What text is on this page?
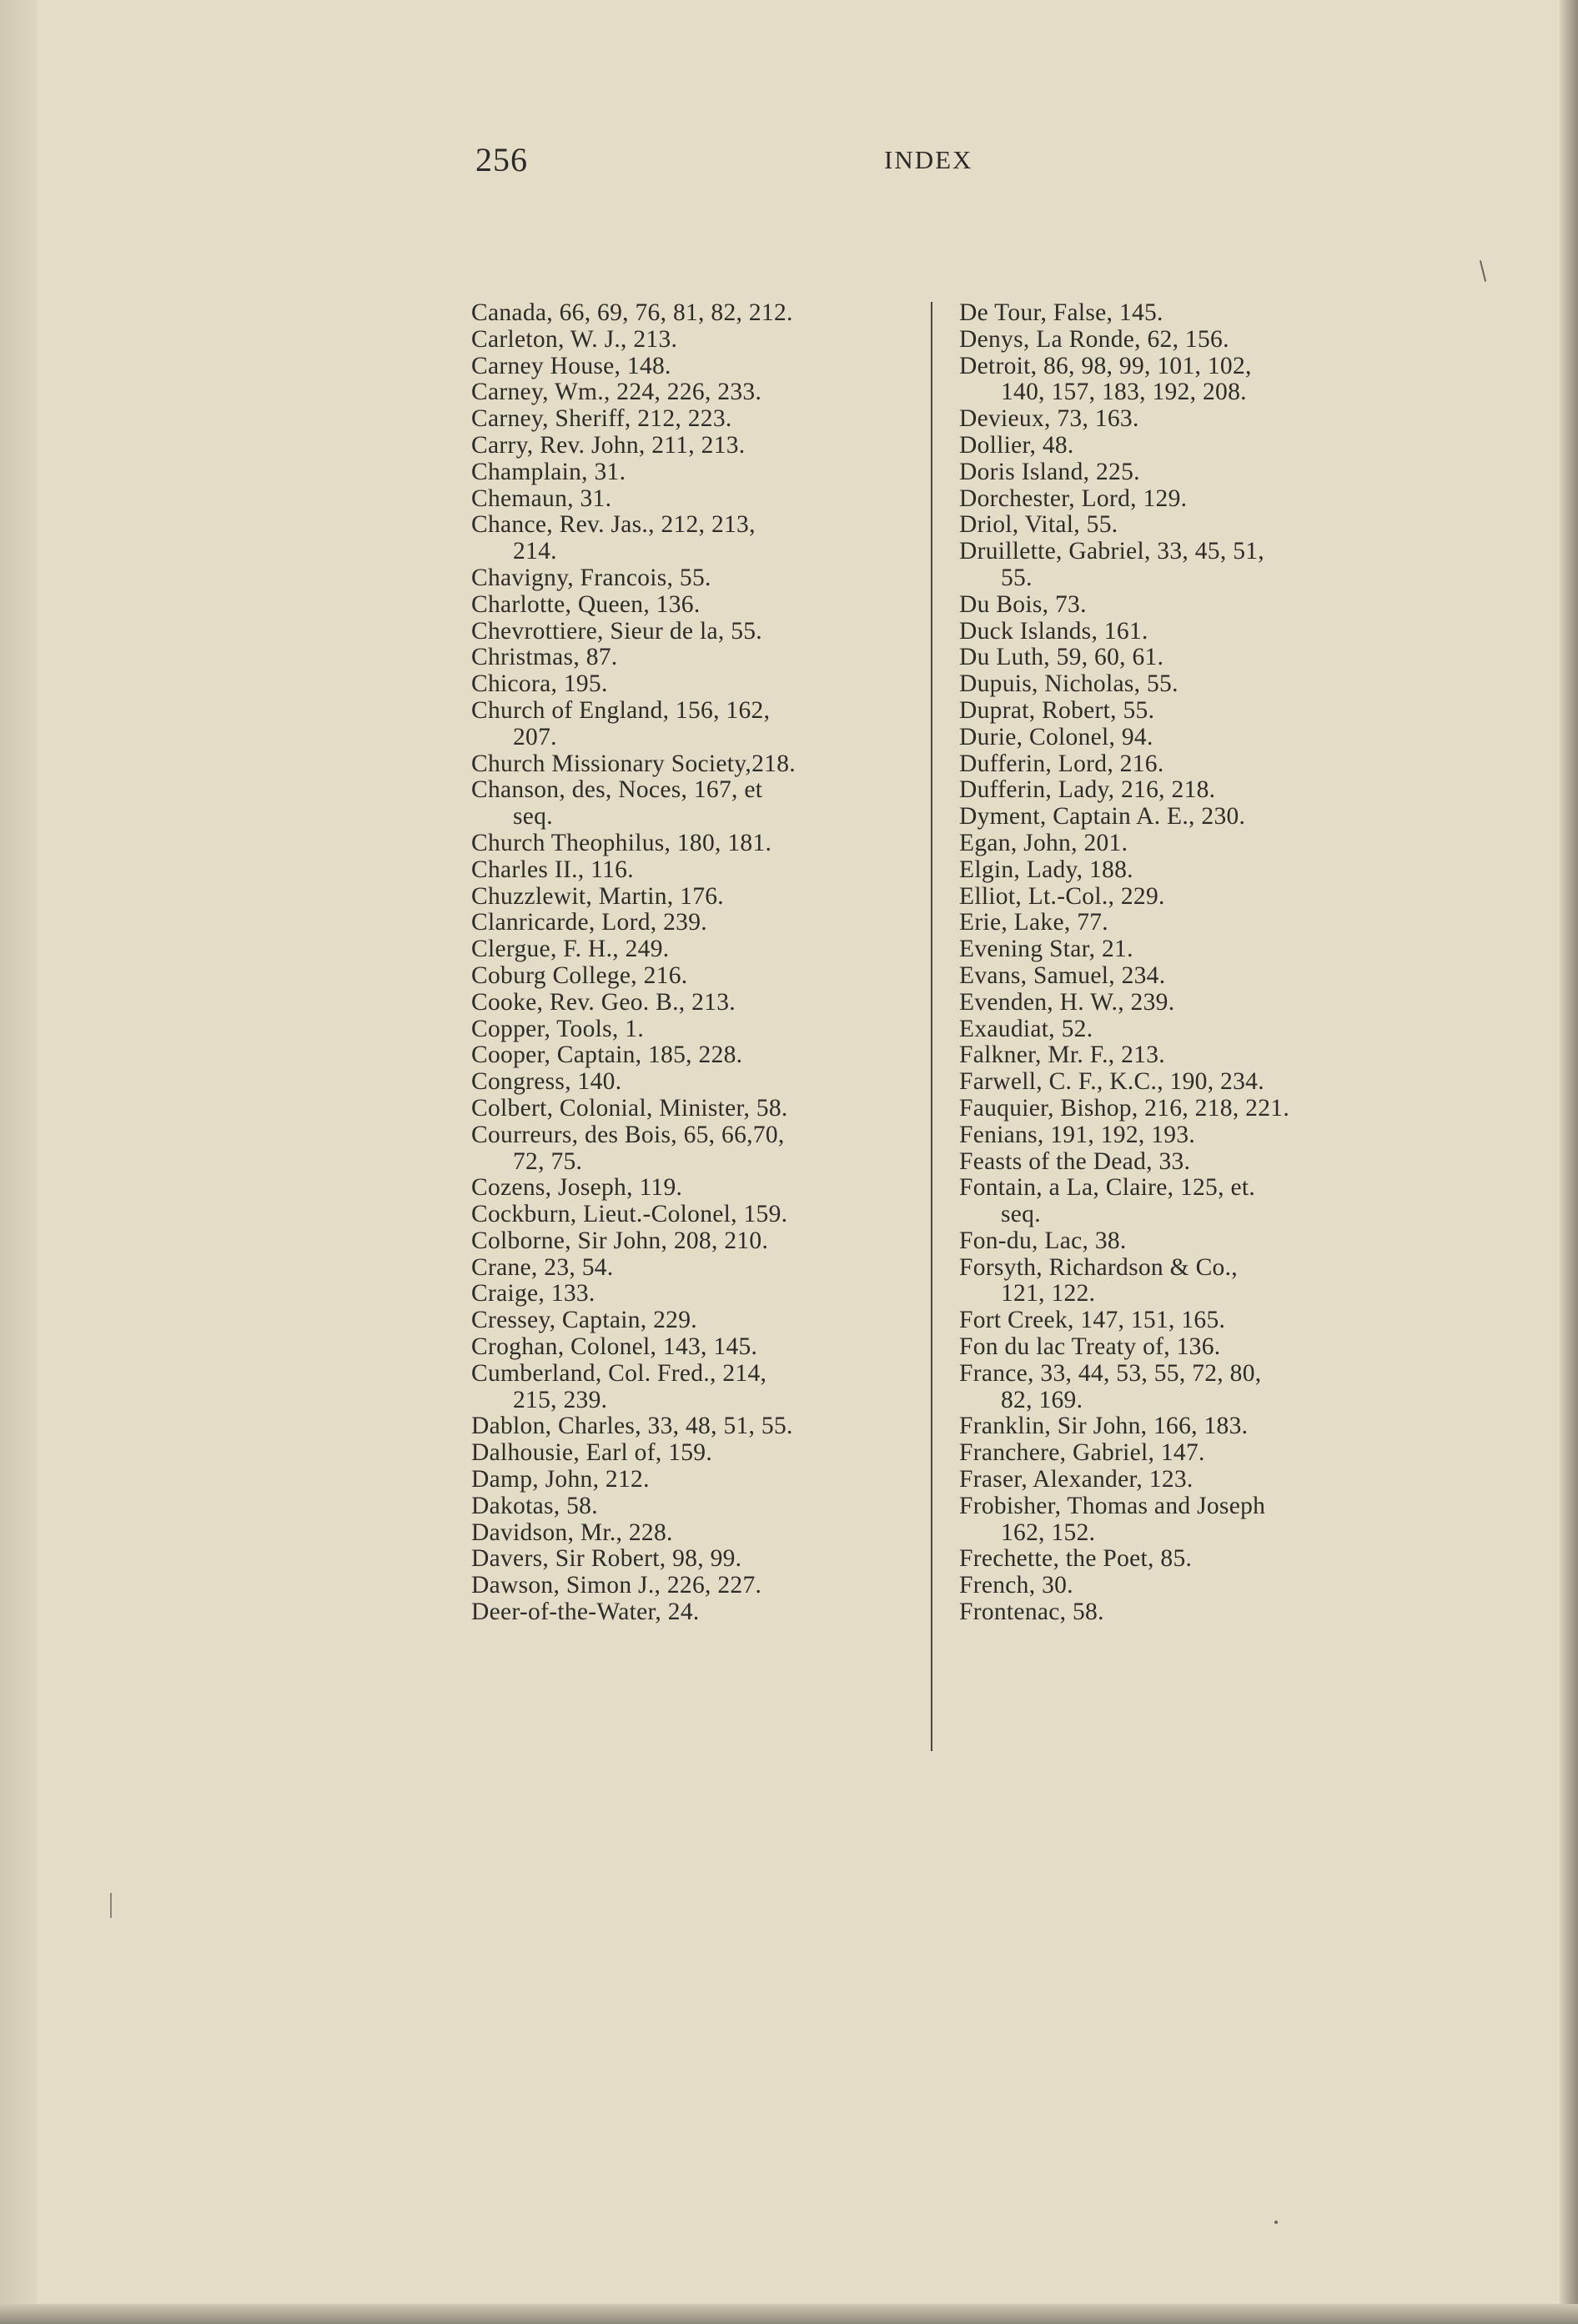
256	INDEX
Canada, 66, 69, 76, 81, 82, 212.
Carleton, W. J., 213.
Carney House, 148.
Carney, Wm., 224, 226, 233.
Carney, Sheriff, 212, 223.
Carry, Rev. John, 211, 213.
Champlain, 31.
Chemaun, 31.
Chance, Rev. Jas., 212, 213,
214.
Chavigny, Francois, 55.
Charlotte, Queen, 136.
Chevrottiere, Sieur de la, 55.
Christmas, 87.
Chicora, 195.
Church of England, 156, 162,
207.
Church Missionary Society,218.
Chanson, des, Noces, 167, et
seq.
Church Theophilus, 180, 181.
Charles II., 116.
Chuzzlewit, Martin, 176.
Clanricarde, Lord, 239.
Clergue, F. H., 249.
Coburg College, 216.
Cooke, Rev. Geo. B., 213.
Copper, Tools, 1.
Cooper, Captain, 185, 228.
Congress, 140.
Colbert, Colonial, Minister, 58.
Courreurs, des Bois, 65, 66,70,
72, 75.
Cozens, Joseph, 119.
Cockburn, Lieut.-Colonel, 159.
Colborne, Sir John, 208, 210.
Crane, 23, 54.
Craige, 133.
Cressey, Captain, 229.
Croghan, Colonel, 143, 145.
Cumberland, Col. Fred., 214,
215, 239.
Dablon, Charles, 33, 48, 51, 55.
Dalhousie, Earl of, 159.
Damp, John, 212.
Dakotas, 58.
Davidson, Mr., 228.
Davers, Sir Robert, 98, 99.
Dawson, Simon J., 226, 227.
Deer-of-the-Water, 24.
De Tour, False, 145.
Denys, La Ronde, 62, 156.
Detroit, 86, 98, 99, 101, 102,
140, 157, 183, 192, 208.
Devieux, 73, 163.
Dollier, 48.
Doris Island, 225.
Dorchester, Lord, 129.
Driol, Vital, 55.
Druillette, Gabriel, 33, 45, 51,
55.
Du Bois, 73.
Duck Islands, 161.
Du Luth, 59, 60, 61.
Dupuis, Nicholas, 55.
Duprat, Robert, 55.
Durie, Colonel, 94.
Dufferin, Lord, 216.
Dufferin, Lady, 216, 218.
Dyment, Captain A. E., 230.
Egan, John, 201.
Elgin, Lady, 188.
Elliot, Lt.-Col., 229.
Erie, Lake, 77.
Evening Star, 21.
Evans, Samuel, 234.
Evenden, H. W., 239.
Exaudiat, 52.
Falkner, Mr. F., 213.
Farwell, C. F., K.C., 190, 234.
Fauquier, Bishop, 216, 218, 221.
Fenians, 191, 192, 193.
Feasts of the Dead, 33.
Fontain, a La, Claire, 125, et.
seq.
Fon-du, Lac, 38.
Forsyth, Richardson & Co.,
121, 122.
Fort Creek, 147, 151, 165.
Fon du lac Treaty of, 136.
France, 33, 44, 53, 55, 72, 80,
82, 169.
Franklin, Sir John, 166, 183.
Franchere, Gabriel, 147.
Fraser, Alexander, 123.
Frobisher, Thomas and Joseph
162, 152.
Frechette, the Poet, 85.
French, 30.
Frontenac, 58.
